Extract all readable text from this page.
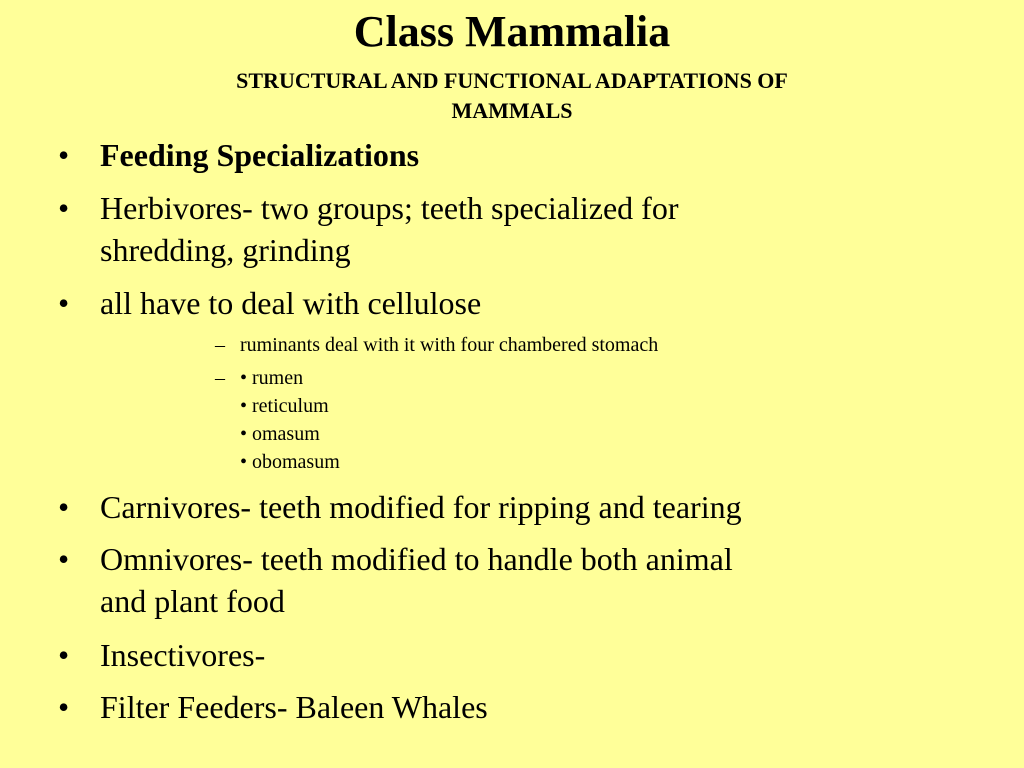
Class Mammalia
STRUCTURAL AND FUNCTIONAL ADAPTATIONS OF
MAMMALS
• Feeding Specializations
• Herbivores- two groups; teeth specialized for
shredding, grinding
• all have to deal with cellulose
– ruminants deal with it with four chambered stomach
– • rumen
• reticulum
• omasum
• obomasum
• Carnivores- teeth modified for ripping and tearing
• Omnivores- teeth modified to handle both animal
and plant food
• Insectivores-
• Filter Feeders- Baleen Whales
